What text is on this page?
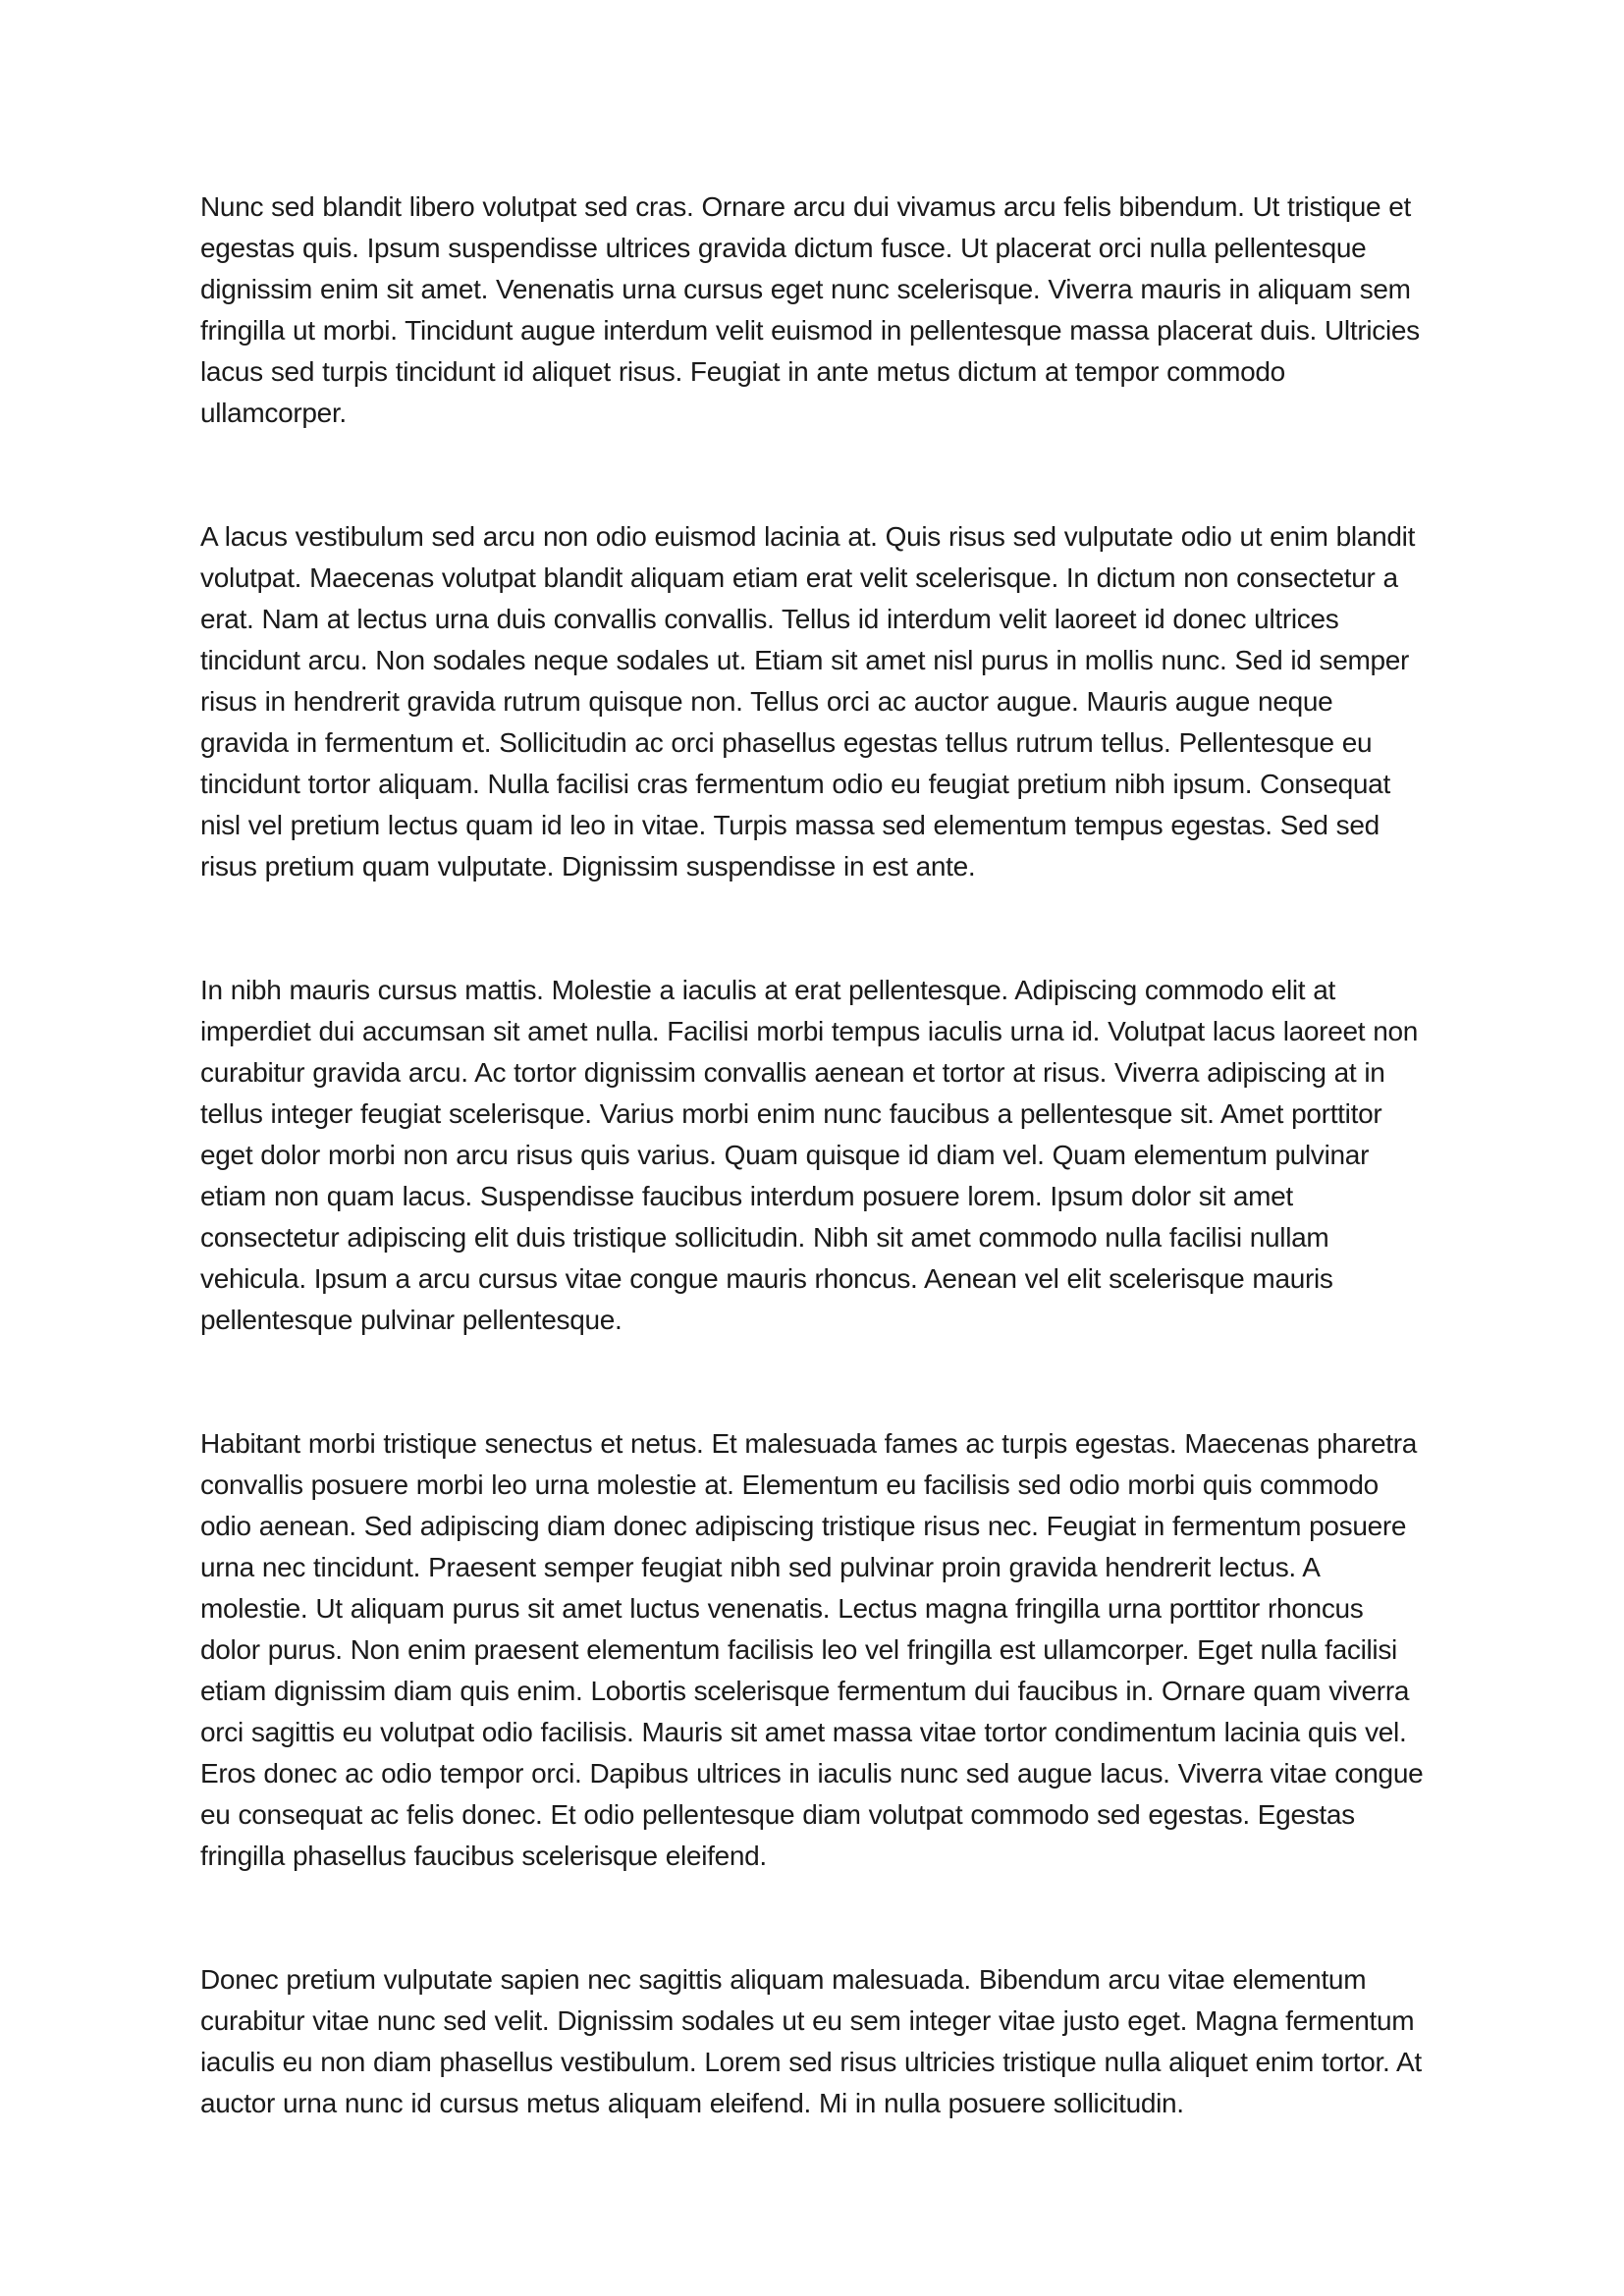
Nunc sed blandit libero volutpat sed cras. Ornare arcu dui vivamus arcu felis bibendum. Ut tristique et egestas quis. Ipsum suspendisse ultrices gravida dictum fusce. Ut placerat orci nulla pellentesque dignissim enim sit amet. Venenatis urna cursus eget nunc scelerisque. Viverra mauris in aliquam sem fringilla ut morbi. Tincidunt augue interdum velit euismod in pellentesque massa placerat duis. Ultricies lacus sed turpis tincidunt id aliquet risus. Feugiat in ante metus dictum at tempor commodo ullamcorper.

A lacus vestibulum sed arcu non odio euismod lacinia at. Quis risus sed vulputate odio ut enim blandit volutpat. Maecenas volutpat blandit aliquam etiam erat velit scelerisque. In dictum non consectetur a erat. Nam at lectus urna duis convallis convallis. Tellus id interdum velit laoreet id donec ultrices tincidunt arcu. Non sodales neque sodales ut. Etiam sit amet nisl purus in mollis nunc. Sed id semper risus in hendrerit gravida rutrum quisque non. Tellus orci ac auctor augue. Mauris augue neque gravida in fermentum et. Sollicitudin ac orci phasellus egestas tellus rutrum tellus. Pellentesque eu tincidunt tortor aliquam. Nulla facilisi cras fermentum odio eu feugiat pretium nibh ipsum. Consequat nisl vel pretium lectus quam id leo in vitae. Turpis massa sed elementum tempus egestas. Sed sed risus pretium quam vulputate. Dignissim suspendisse in est ante.

In nibh mauris cursus mattis. Molestie a iaculis at erat pellentesque. Adipiscing commodo elit at imperdiet dui accumsan sit amet nulla. Facilisi morbi tempus iaculis urna id. Volutpat lacus laoreet non curabitur gravida arcu. Ac tortor dignissim convallis aenean et tortor at risus. Viverra adipiscing at in tellus integer feugiat scelerisque. Varius morbi enim nunc faucibus a pellentesque sit. Amet porttitor eget dolor morbi non arcu risus quis varius. Quam quisque id diam vel. Quam elementum pulvinar etiam non quam lacus. Suspendisse faucibus interdum posuere lorem. Ipsum dolor sit amet consectetur adipiscing elit duis tristique sollicitudin. Nibh sit amet commodo nulla facilisi nullam vehicula. Ipsum a arcu cursus vitae congue mauris rhoncus. Aenean vel elit scelerisque mauris pellentesque pulvinar pellentesque.

Habitant morbi tristique senectus et netus. Et malesuada fames ac turpis egestas. Maecenas pharetra convallis posuere morbi leo urna molestie at. Elementum eu facilisis sed odio morbi quis commodo odio aenean. Sed adipiscing diam donec adipiscing tristique risus nec. Feugiat in fermentum posuere urna nec tincidunt. Praesent semper feugiat nibh sed pulvinar proin gravida hendrerit lectus. A molestie. Ut aliquam purus sit amet luctus venenatis. Lectus magna fringilla urna porttitor rhoncus dolor purus. Non enim praesent elementum facilisis leo vel fringilla est ullamcorper. Eget nulla facilisi etiam dignissim diam quis enim. Lobortis scelerisque fermentum dui faucibus in. Ornare quam viverra orci sagittis eu volutpat odio facilisis. Mauris sit amet massa vitae tortor condimentum lacinia quis vel. Eros donec ac odio tempor orci. Dapibus ultrices in iaculis nunc sed augue lacus. Viverra vitae congue eu consequat ac felis donec. Et odio pellentesque diam volutpat commodo sed egestas. Egestas fringilla phasellus faucibus scelerisque eleifend.

Donec pretium vulputate sapien nec sagittis aliquam malesuada. Bibendum arcu vitae elementum curabitur vitae nunc sed velit. Dignissim sodales ut eu sem integer vitae justo eget. Magna fermentum iaculis eu non diam phasellus vestibulum. Lorem sed risus ultricies tristique nulla aliquet enim tortor. At auctor urna nunc id cursus metus aliquam eleifend. Mi in nulla posuere sollicitudin.
